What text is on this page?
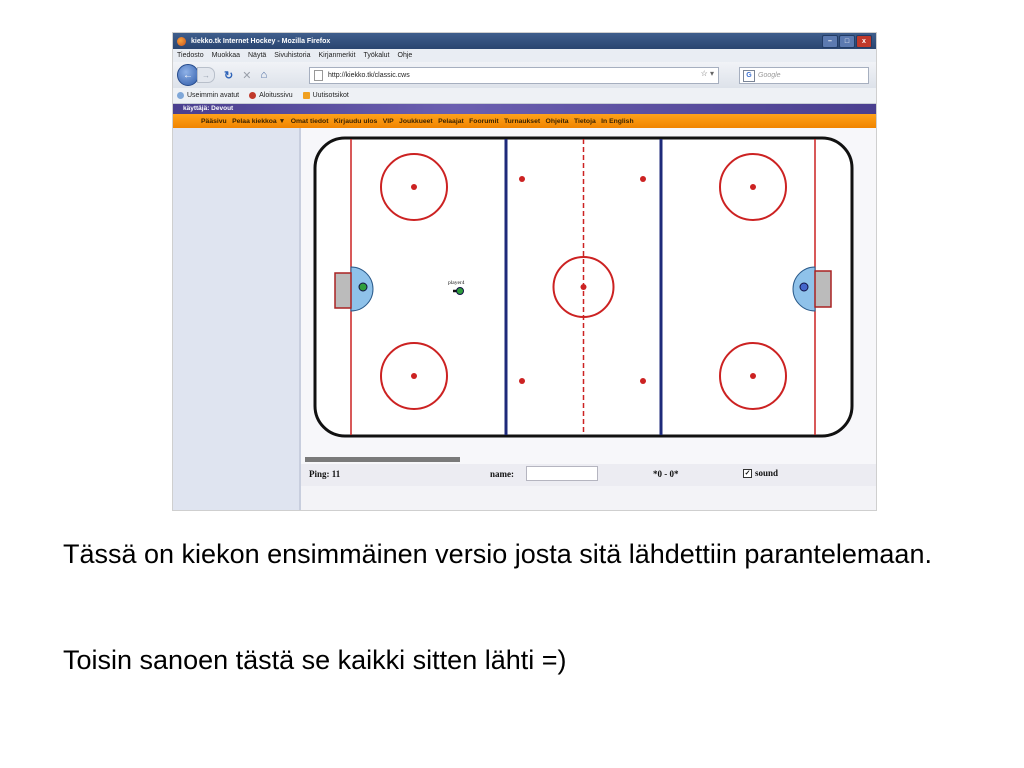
kiekko.tk Internet Hockey - Mozilla Firefox	–	□	x
Tiedosto	Muokkaa	Näytä	Sivuhistoria	Kirjanmerkit	Työkalut	Ohje
←	→	↻ ✕ ⌂	http://kiekko.tk/classic.cws	☆ ▾	G Google
Useimmin avatut	Aloitussivu	Uutisotsikot
käyttäjä: Devout
Pääsivu Pelaa kiekkoa ▼ Omat tiedot Kirjaudu ulos VIP Joukkueet Pelaajat Foorumit Turnaukset Ohjeita Tietoja In English
player4
Ping: 11	name:	*0 - 0*	✓ sound
Tässä on kiekon ensimmäinen versio josta sitä lähdettiin parantelemaan.
Toisin sanoen tästä se kaikki sitten lähti =)
